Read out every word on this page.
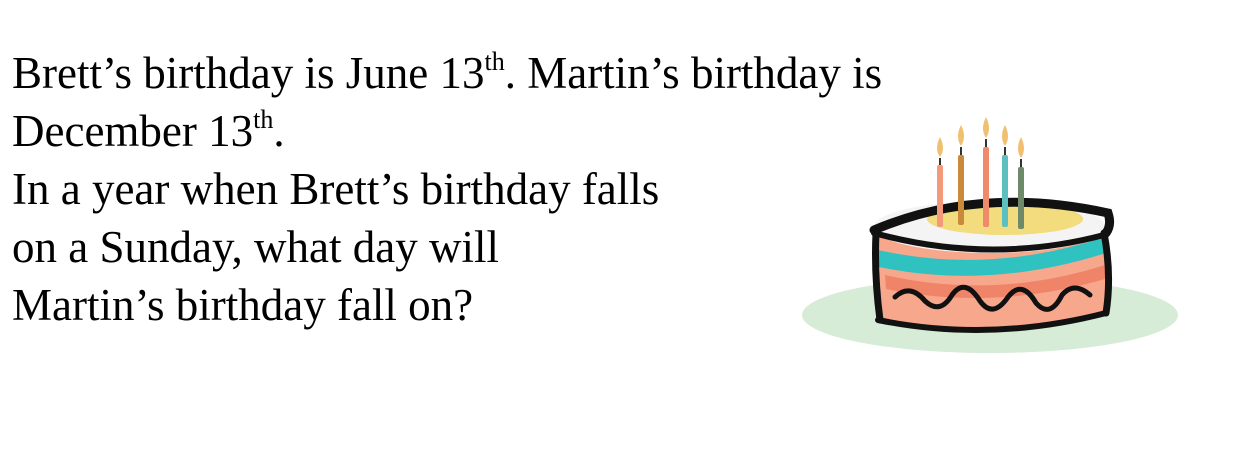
Brett’s birthday is June 13th. Martin’s birthday is
December 13th.
In a year when Brett’s birthday falls
on a Sunday, what day will
Martin’s birthday fall on?
